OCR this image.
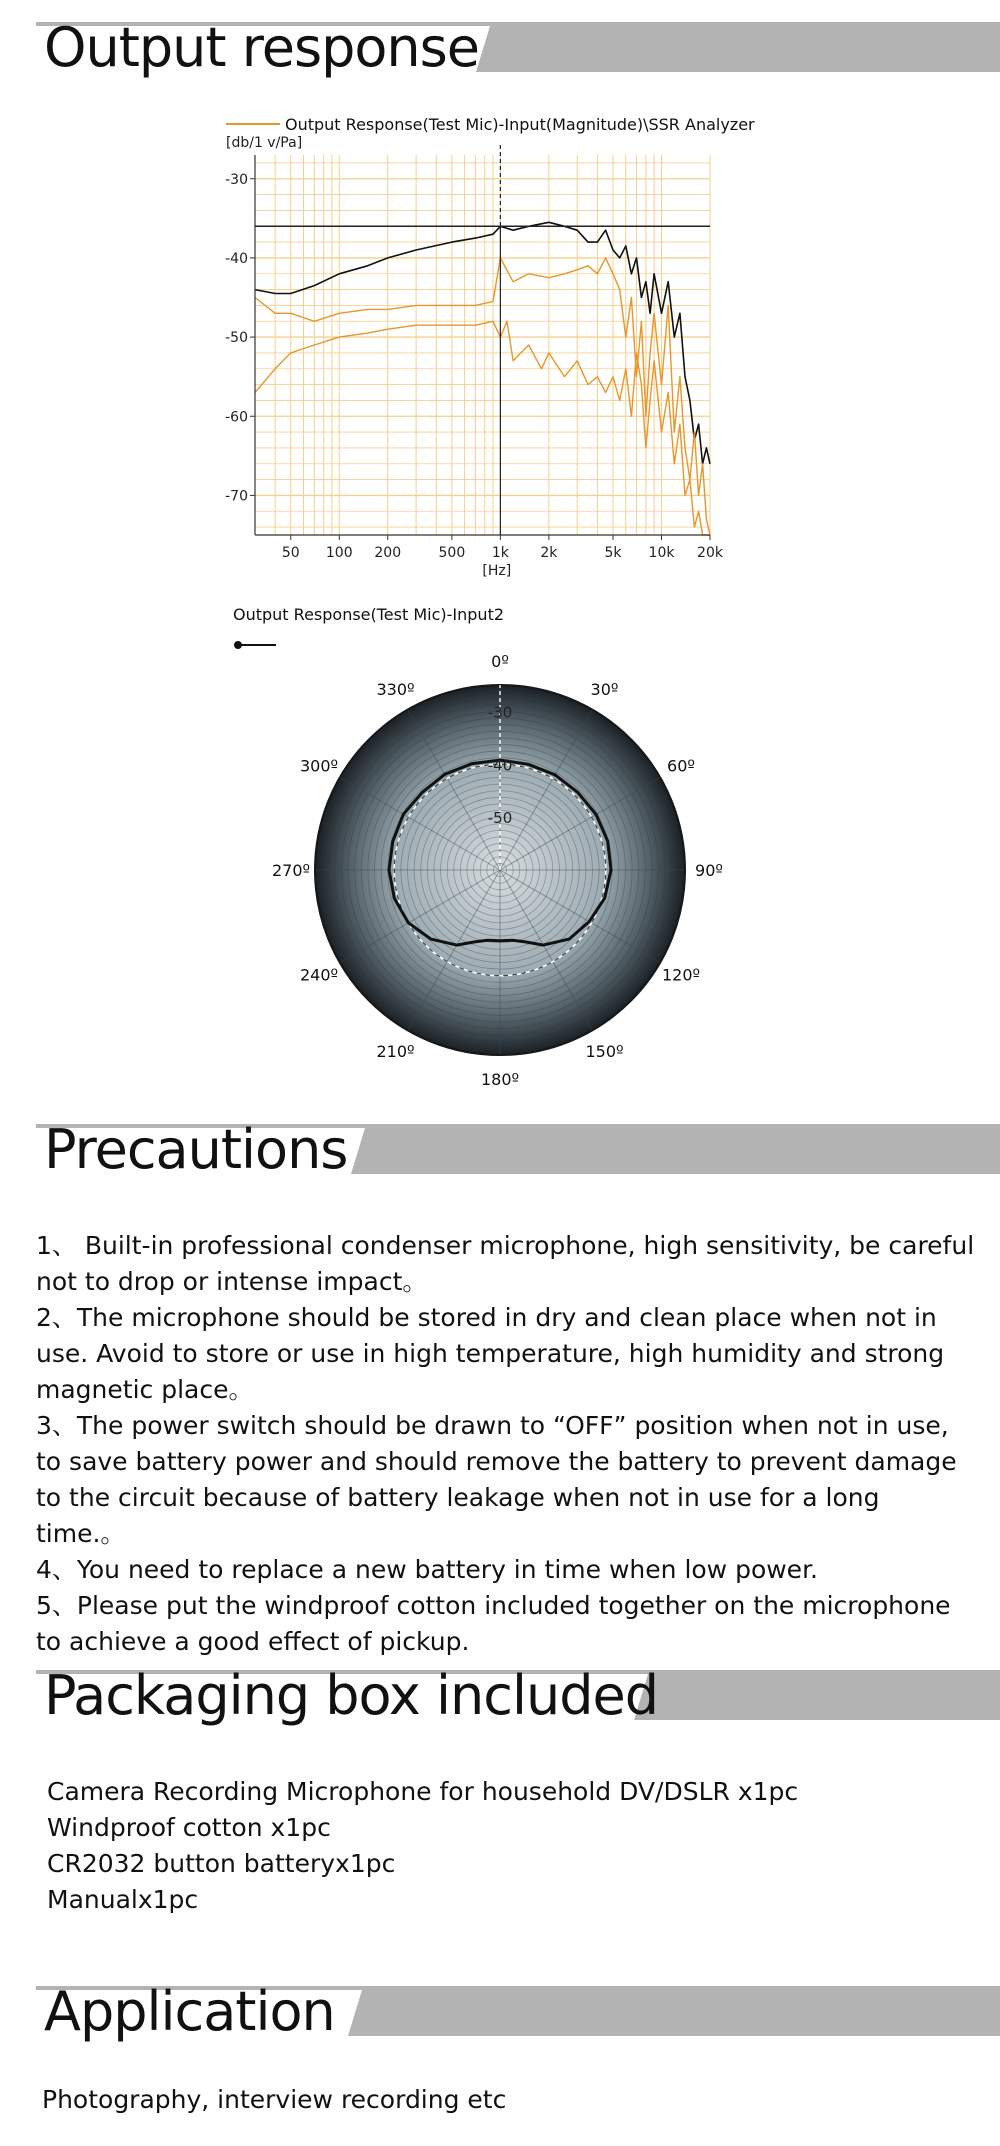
Output response
-30
-40
-50
-60
-70
50 100 200	500 1k 2k	5k 10k 20k
[Hz]
[db/1 v/Pa]
Output Response(Test Mic)-Input(Magnitude)\SSR Analyzer
-30
-40
-50
0º
30º
60º
90º
120º
150º
180º
210º
240º
270º
300º
330º
Output Response(Test Mic)-Input2
Precautions

1、 Built-in professional condenser microphone, high sensitivity, be careful not to drop or intense impact。

2、The microphone should be stored in dry and clean place when not in use. Avoid to store or use in high temperature, high humidity and strong magnetic place。

3、The power switch should be drawn to “OFF” position when not in use, to save battery power and should remove the battery to prevent damage to the circuit because of battery leakage when not in use for a long time.。

4、You need to replace a new battery in time when low power.

5、Please put the windproof cotton included together on the microphone to achieve a good effect of pickup.

Packaging box included
Camera Recording Microphone for household DV/DSLR x1pc
Windproof cotton x1pc
CR2032 button batteryx1pc
Manualx1pc
Application
Photography, interview recording etc
